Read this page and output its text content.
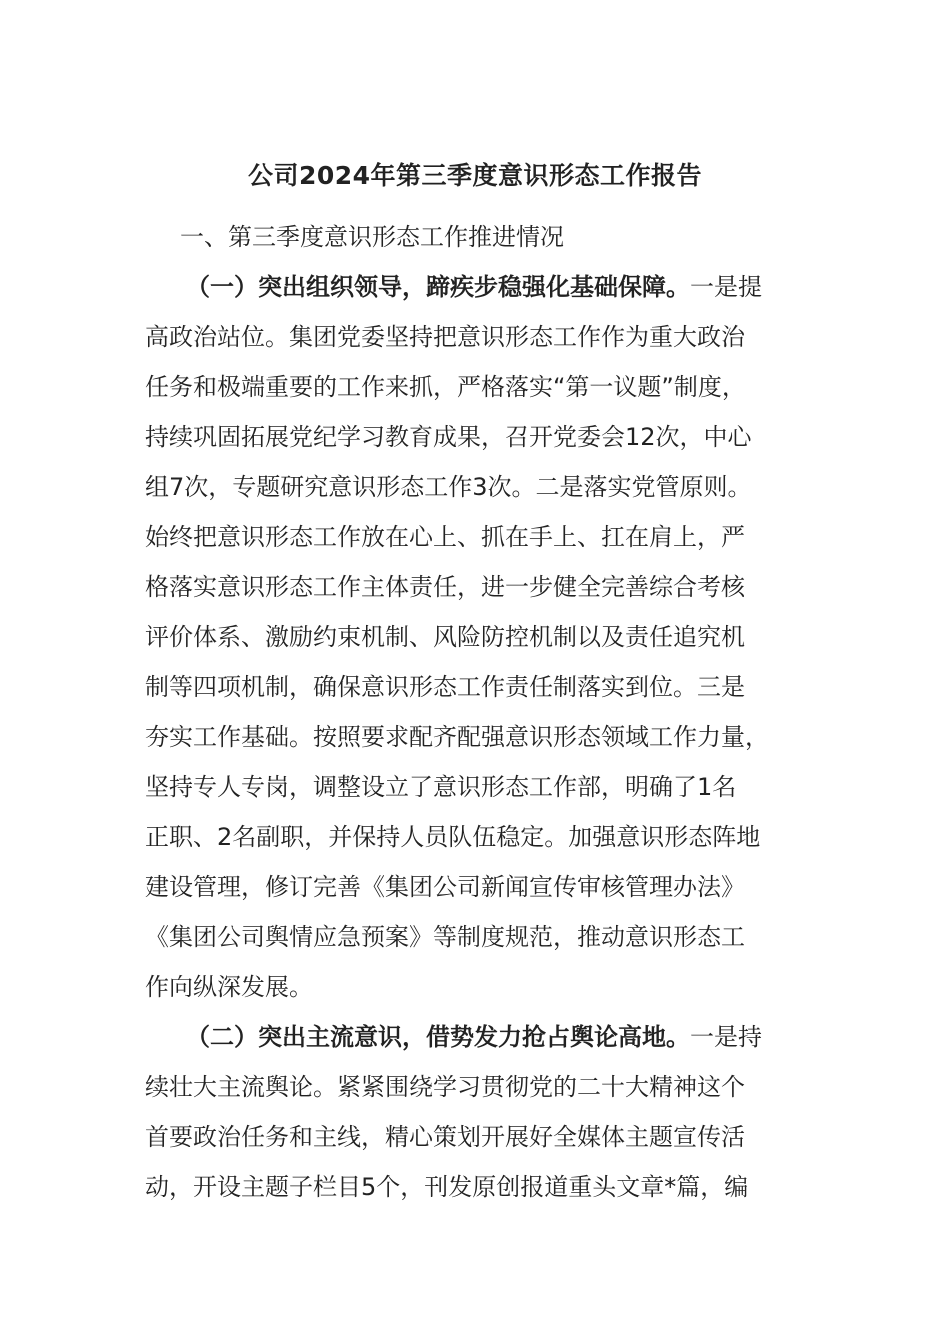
公司2024年第三季度意识形态工作报告
一、第三季度意识形态工作推进情况
（一）突出组织领导，蹄疾步稳强化基础保障。一是提
高政治站位。集团党委坚持把意识形态工作作为重大政治
任务和极端重要的工作来抓，严格落实“第一议题”制度，
持续巩固拓展党纪学习教育成果，召开党委会12次，中心
组7次，专题研究意识形态工作3次。二是落实党管原则。
始终把意识形态工作放在心上、抓在手上、扛在肩上，严
格落实意识形态工作主体责任，进一步健全完善综合考核
评价体系、激励约束机制、风险防控机制以及责任追究机
制等四项机制，确保意识形态工作责任制落实到位。三是
夯实工作基础。按照要求配齐配强意识形态领域工作力量，
坚持专人专岗，调整设立了意识形态工作部，明确了1名
正职、2名副职，并保持人员队伍稳定。加强意识形态阵地
建设管理，修订完善《集团公司新闻宣传审核管理办法》
《集团公司舆情应急预案》等制度规范，推动意识形态工
作向纵深发展。
（二）突出主流意识，借势发力抢占舆论高地。一是持
续壮大主流舆论。紧紧围绕学习贯彻党的二十大精神这个
首要政治任务和主线，精心策划开展好全媒体主题宣传活
动，开设主题子栏目5个，刊发原创报道重头文章*篇，编
